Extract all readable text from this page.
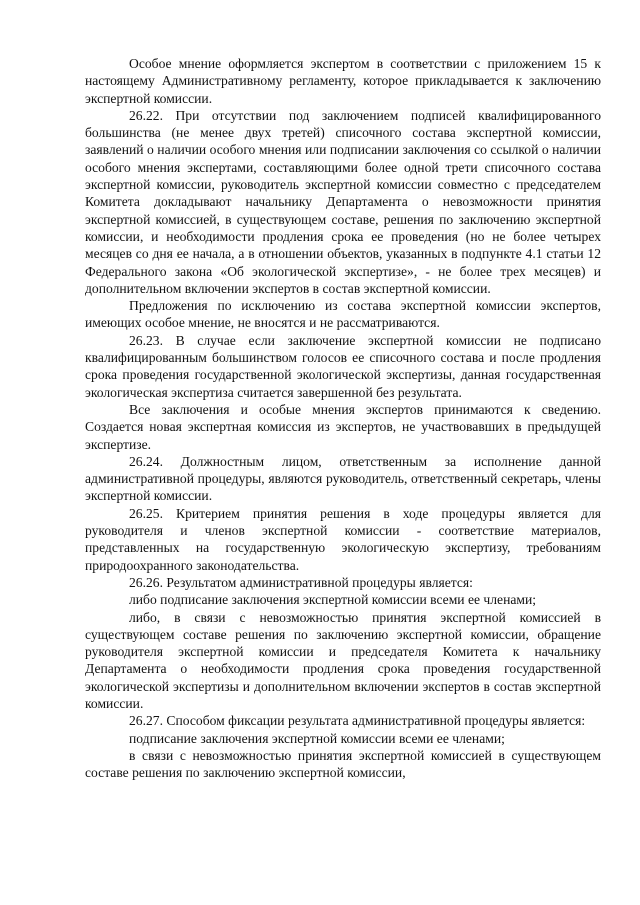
Особое мнение оформляется экспертом в соответствии с приложением 15 к настоящему Административному регламенту, которое прикладывается к заключению экспертной комиссии.

26.22. При отсутствии под заключением подписей квалифицированного большинства (не менее двух третей) списочного состава экспертной комиссии, заявлений о наличии особого мнения или подписании заключения со ссылкой о наличии особого мнения экспертами, составляющими более одной трети списочного состава экспертной комиссии, руководитель экспертной комиссии совместно с председателем Комитета докладывают начальнику Департамента о невозможности принятия экспертной комиссией, в существующем составе, решения по заключению экспертной комиссии, и необходимости продления срока ее проведения (но не более четырех месяцев со дня ее начала, а в отношении объектов, указанных в подпункте 4.1 статьи 12 Федерального закона «Об экологической экспертизе», - не более трех месяцев) и дополнительном включении экспертов в состав экспертной комиссии.

Предложения по исключению из состава экспертной комиссии экспертов, имеющих особое мнение, не вносятся и не рассматриваются.

26.23. В случае если заключение экспертной комиссии не подписано квалифицированным большинством голосов ее списочного состава и после продления срока проведения государственной экологической экспертизы, данная государственная экологическая экспертиза считается завершенной без результата.

Все заключения и особые мнения экспертов принимаются к сведению. Создается новая экспертная комиссия из экспертов, не участвовавших в предыдущей экспертизе.

26.24. Должностным лицом, ответственным за исполнение данной административной процедуры, являются руководитель, ответственный секретарь, члены экспертной комиссии.

26.25. Критерием принятия решения в ходе процедуры является для руководителя и членов экспертной комиссии - соответствие материалов, представленных на государственную экологическую экспертизу, требованиям природоохранного законодательства.

26.26. Результатом административной процедуры является:

либо подписание заключения экспертной комиссии всеми ее членами;

либо, в связи с невозможностью принятия экспертной комиссией в существующем составе решения по заключению экспертной комиссии, обращение руководителя экспертной комиссии и председателя Комитета к начальнику Департамента о необходимости продления срока проведения государственной экологической экспертизы и дополнительном включении экспертов в состав экспертной комиссии.

26.27. Способом фиксации результата административной процедуры является:

подписание заключения экспертной комиссии всеми ее членами;

в связи с невозможностью принятия экспертной комиссией в существующем составе решения по заключению экспертной комиссии,
